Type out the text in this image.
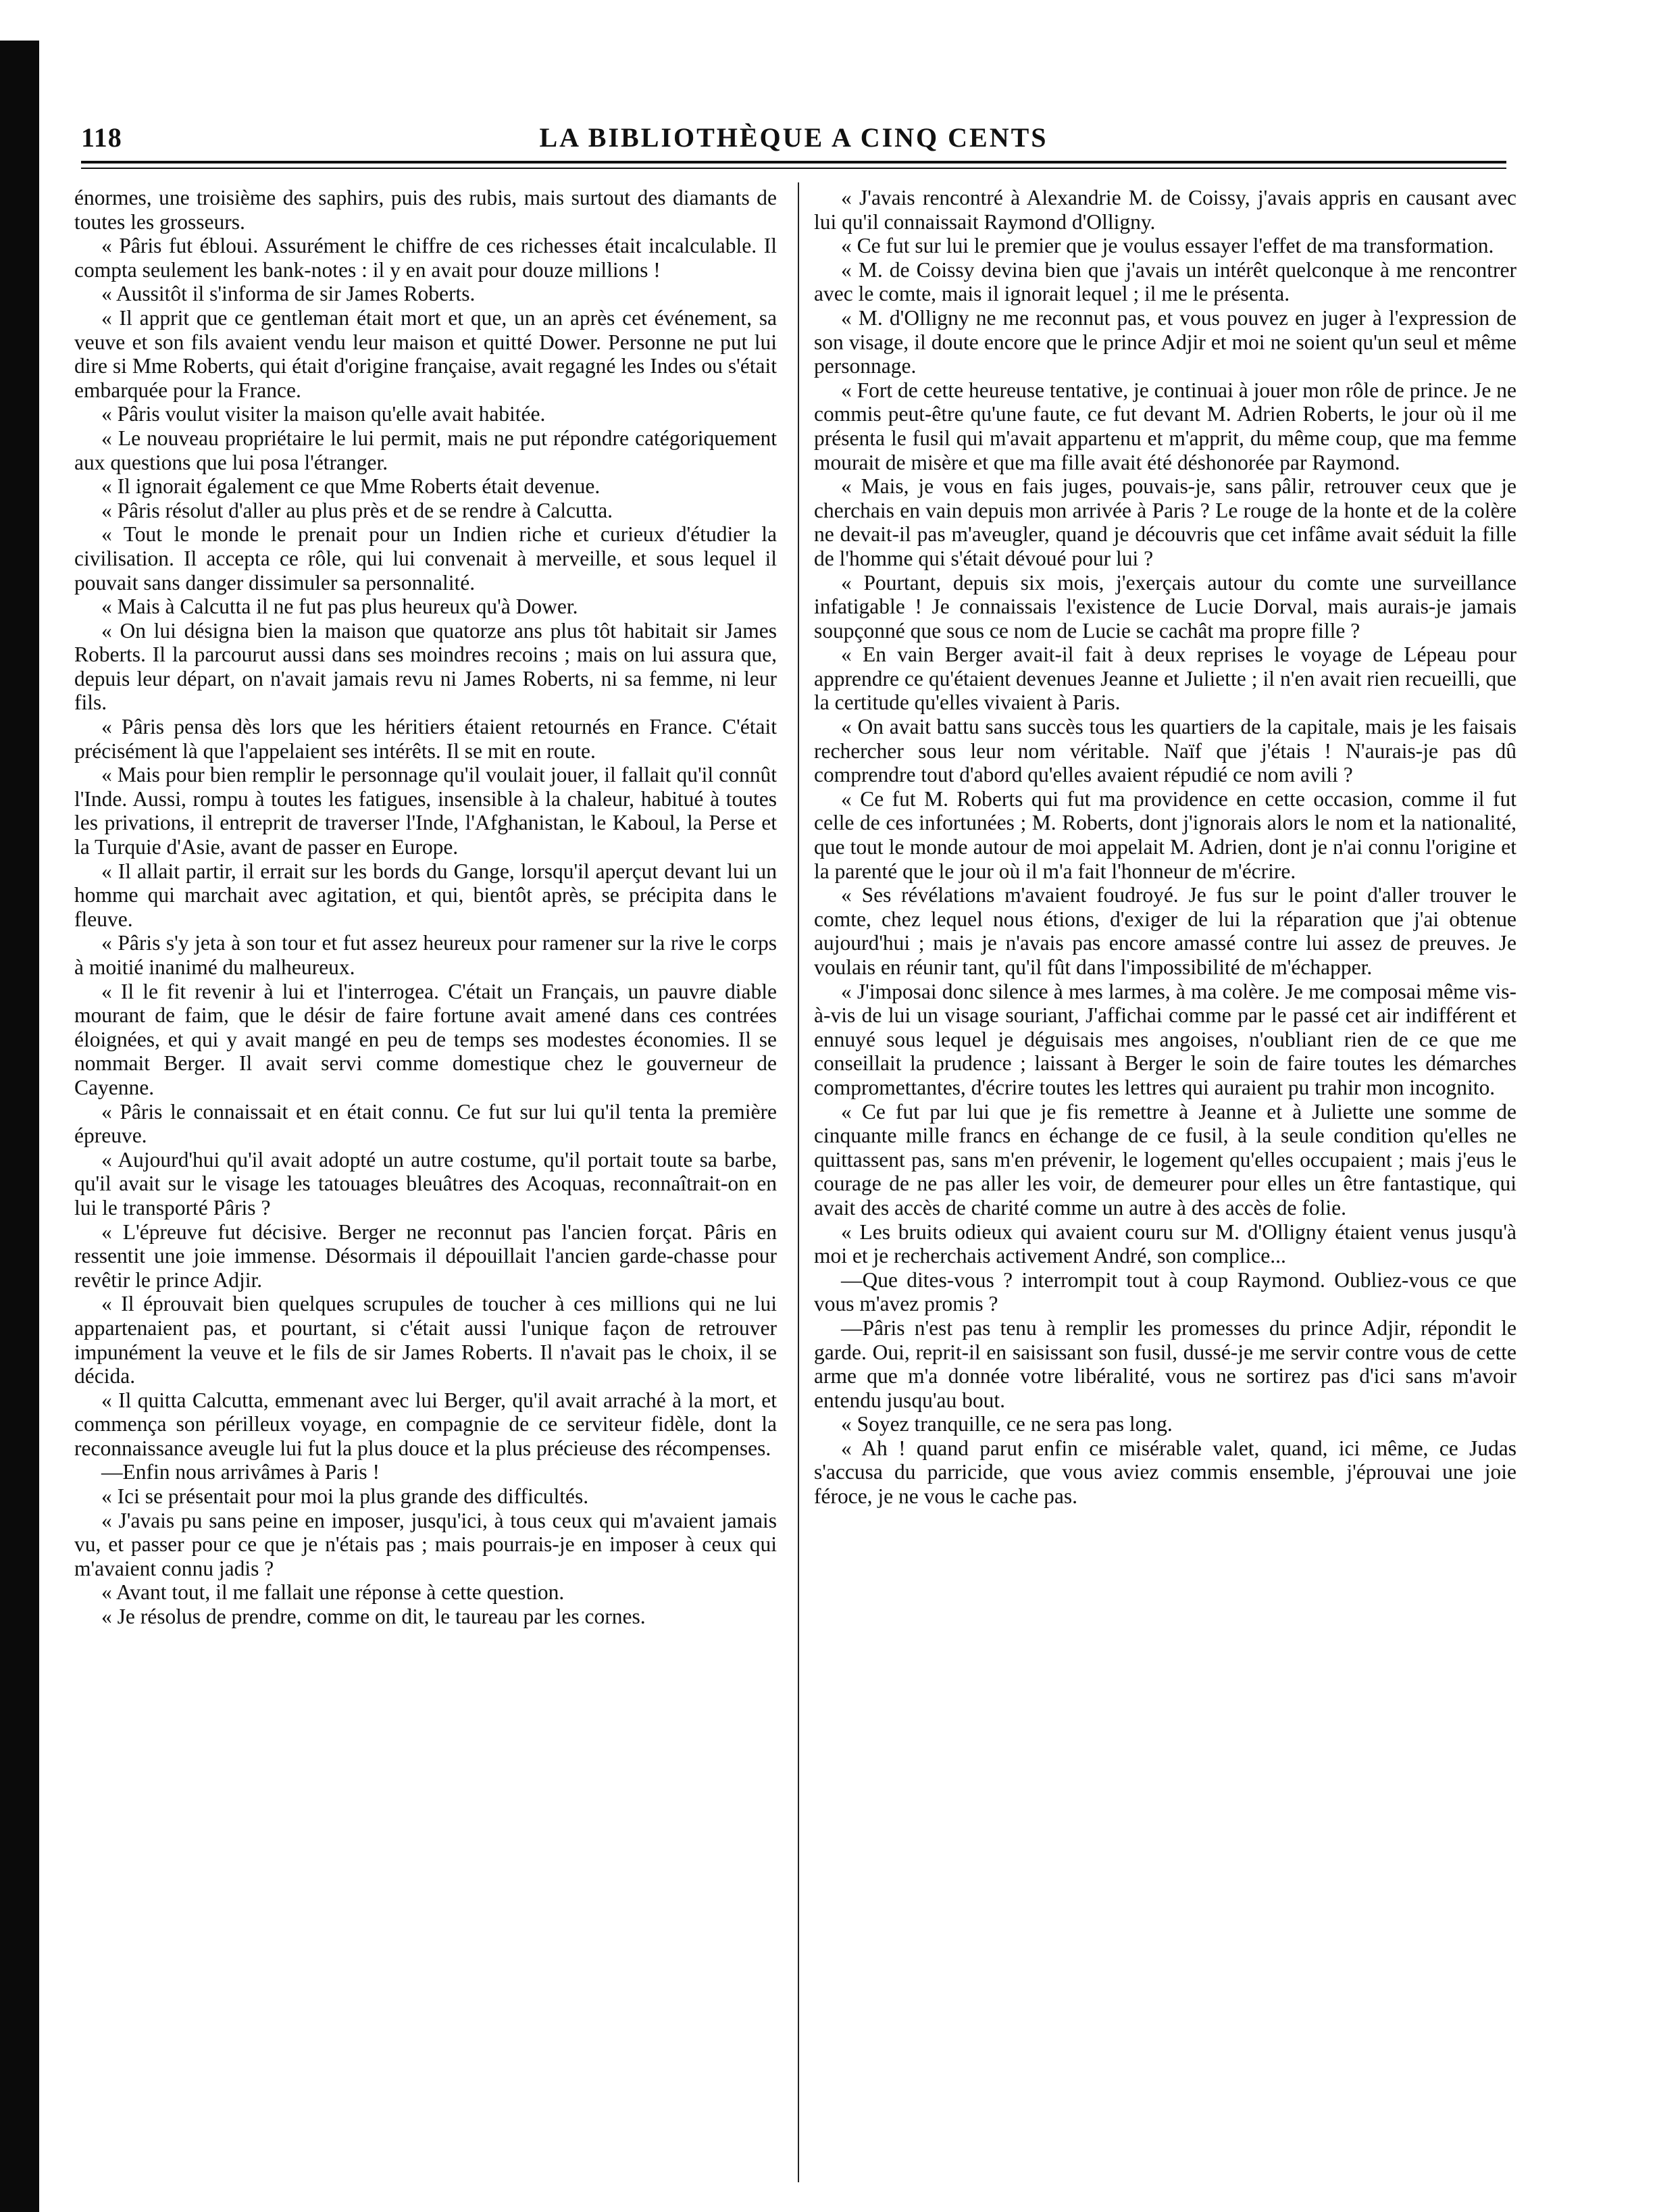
118	LA BIBLIOTHÈQUE A CINQ CENTS

énormes, une troisième des saphirs, puis des rubis, mais surtout des diamants de toutes les grosseurs.

« Pâris fut ébloui. Assurément le chiffre de ces richesses était incalculable. Il compta seulement les bank-notes : il y en avait pour douze millions !

« Aussitôt il s'informa de sir James Roberts.

« Il apprit que ce gentleman était mort et que, un an après cet événement, sa veuve et son fils avaient vendu leur maison et quitté Dower. Personne ne put lui dire si Mme Roberts, qui était d'origine française, avait regagné les Indes ou s'était embarquée pour la France.

« Pâris voulut visiter la maison qu'elle avait habitée.

« Le nouveau propriétaire le lui permit, mais ne put répondre catégoriquement aux questions que lui posa l'étranger.

« Il ignorait également ce que Mme Roberts était devenue.

« Pâris résolut d'aller au plus près et de se rendre à Calcutta.

« Tout le monde le prenait pour un Indien riche et curieux d'étudier la civilisation. Il accepta ce rôle, qui lui convenait à merveille, et sous lequel il pouvait sans danger dissimuler sa personnalité.

« Mais à Calcutta il ne fut pas plus heureux qu'à Dower.

« On lui désigna bien la maison que quatorze ans plus tôt habitait sir James Roberts. Il la parcourut aussi dans ses moindres recoins ; mais on lui assura que, depuis leur départ, on n'avait jamais revu ni James Roberts, ni sa femme, ni leur fils.

« Pâris pensa dès lors que les héritiers étaient retournés en France. C'était précisément là que l'appelaient ses intérêts. Il se mit en route.

« Mais pour bien remplir le personnage qu'il voulait jouer, il fallait qu'il connût l'Inde. Aussi, rompu à toutes les fatigues, insensible à la chaleur, habitué à toutes les privations, il entreprit de traverser l'Inde, l'Afghanistan, le Kaboul, la Perse et la Turquie d'Asie, avant de passer en Europe.

« Il allait partir, il errait sur les bords du Gange, lorsqu'il aperçut devant lui un homme qui marchait avec agitation, et qui, bientôt après, se précipita dans le fleuve.

« Pâris s'y jeta à son tour et fut assez heureux pour ramener sur la rive le corps à moitié inanimé du malheureux.

« Il le fit revenir à lui et l'interrogea. C'était un Français, un pauvre diable mourant de faim, que le désir de faire fortune avait amené dans ces contrées éloignées, et qui y avait mangé en peu de temps ses modestes économies. Il se nommait Berger. Il avait servi comme domestique chez le gouverneur de Cayenne.

« Pâris le connaissait et en était connu. Ce fut sur lui qu'il tenta la première épreuve.

« Aujourd'hui qu'il avait adopté un autre costume, qu'il portait toute sa barbe, qu'il avait sur le visage les tatouages bleuâtres des Acoquas, reconnaîtrait-on en lui le transporté Pâris ?

« L'épreuve fut décisive. Berger ne reconnut pas l'ancien forçat. Pâris en ressentit une joie immense. Désormais il dépouillait l'ancien garde-chasse pour revêtir le prince Adjir.

« Il éprouvait bien quelques scrupules de toucher à ces millions qui ne lui appartenaient pas, et pourtant, si c'était aussi l'unique façon de retrouver impunément la veuve et le fils de sir James Roberts. Il n'avait pas le choix, il se décida.

« Il quitta Calcutta, emmenant avec lui Berger, qu'il avait arraché à la mort, et commença son périlleux voyage, en compagnie de ce serviteur fidèle, dont la reconnaissance aveugle lui fut la plus douce et la plus précieuse des récompenses.

—Enfin nous arrivâmes à Paris !

« Ici se présentait pour moi la plus grande des difficultés.

« J'avais pu sans peine en imposer, jusqu'ici, à tous ceux qui m'avaient jamais vu, et passer pour ce que je n'étais pas ; mais pourrais-je en imposer à ceux qui m'avaient connu jadis ?

« Avant tout, il me fallait une réponse à cette question.

« Je résolus de prendre, comme on dit, le taureau par les cornes.

« J'avais rencontré à Alexandrie M. de Coissy, j'avais appris en causant avec lui qu'il connaissait Raymond d'Olligny.

« Ce fut sur lui le premier que je voulus essayer l'effet de ma transformation.

« M. de Coissy devina bien que j'avais un intérêt quelconque à me rencontrer avec le comte, mais il ignorait lequel ; il me le présenta.

« M. d'Olligny ne me reconnut pas, et vous pouvez en juger à l'expression de son visage, il doute encore que le prince Adjir et moi ne soient qu'un seul et même personnage.

« Fort de cette heureuse tentative, je continuai à jouer mon rôle de prince. Je ne commis peut-être qu'une faute, ce fut devant M. Adrien Roberts, le jour où il me présenta le fusil qui m'avait appartenu et m'apprit, du même coup, que ma femme mourait de misère et que ma fille avait été déshonorée par Raymond.

« Mais, je vous en fais juges, pouvais-je, sans pâlir, retrouver ceux que je cherchais en vain depuis mon arrivée à Paris ? Le rouge de la honte et de la colère ne devait-il pas m'aveugler, quand je découvris que cet infâme avait séduit la fille de l'homme qui s'était dévoué pour lui ?

« Pourtant, depuis six mois, j'exerçais autour du comte une surveillance infatigable ! Je connaissais l'existence de Lucie Dorval, mais aurais-je jamais soupçonné que sous ce nom de Lucie se cachât ma propre fille ?

« En vain Berger avait-il fait à deux reprises le voyage de Lépeau pour apprendre ce qu'étaient devenues Jeanne et Juliette ; il n'en avait rien recueilli, que la certitude qu'elles vivaient à Paris.

« On avait battu sans succès tous les quartiers de la capitale, mais je les faisais rechercher sous leur nom véritable. Naïf que j'étais ! N'aurais-je pas dû comprendre tout d'abord qu'elles avaient répudié ce nom avili ?

« Ce fut M. Roberts qui fut ma providence en cette occasion, comme il fut celle de ces infortunées ; M. Roberts, dont j'ignorais alors le nom et la nationalité, que tout le monde autour de moi appelait M. Adrien, dont je n'ai connu l'origine et la parenté que le jour où il m'a fait l'honneur de m'écrire.

« Ses révélations m'avaient foudroyé. Je fus sur le point d'aller trouver le comte, chez lequel nous étions, d'exiger de lui la réparation que j'ai obtenue aujourd'hui ; mais je n'avais pas encore amassé contre lui assez de preuves. Je voulais en réunir tant, qu'il fût dans l'impossibilité de m'échapper.

« J'imposai donc silence à mes larmes, à ma colère. Je me composai même vis-à-vis de lui un visage souriant, J'affichai comme par le passé cet air indifférent et ennuyé sous lequel je déguisais mes angoises, n'oubliant rien de ce que me conseillait la prudence ; laissant à Berger le soin de faire toutes les démarches compromettantes, d'écrire toutes les lettres qui auraient pu trahir mon incognito.

« Ce fut par lui que je fis remettre à Jeanne et à Juliette une somme de cinquante mille francs en échange de ce fusil, à la seule condition qu'elles ne quittassent pas, sans m'en prévenir, le logement qu'elles occupaient ; mais j'eus le courage de ne pas aller les voir, de demeurer pour elles un être fantastique, qui avait des accès de charité comme un autre à des accès de folie.

« Les bruits odieux qui avaient couru sur M. d'Olligny étaient venus jusqu'à moi et je recherchais activement André, son complice...

—Que dites-vous ? interrompit tout à coup Raymond. Oubliez-vous ce que vous m'avez promis ?

—Pâris n'est pas tenu à remplir les promesses du prince Adjir, répondit le garde. Oui, reprit-il en saisissant son fusil, dussé-je me servir contre vous de cette arme que m'a donnée votre libéralité, vous ne sortirez pas d'ici sans m'avoir entendu jusqu'au bout.

« Soyez tranquille, ce ne sera pas long.

« Ah ! quand parut enfin ce misérable valet, quand, ici même, ce Judas s'accusa du parricide, que vous aviez commis ensemble, j'éprouvai une joie féroce, je ne vous le cache pas.
